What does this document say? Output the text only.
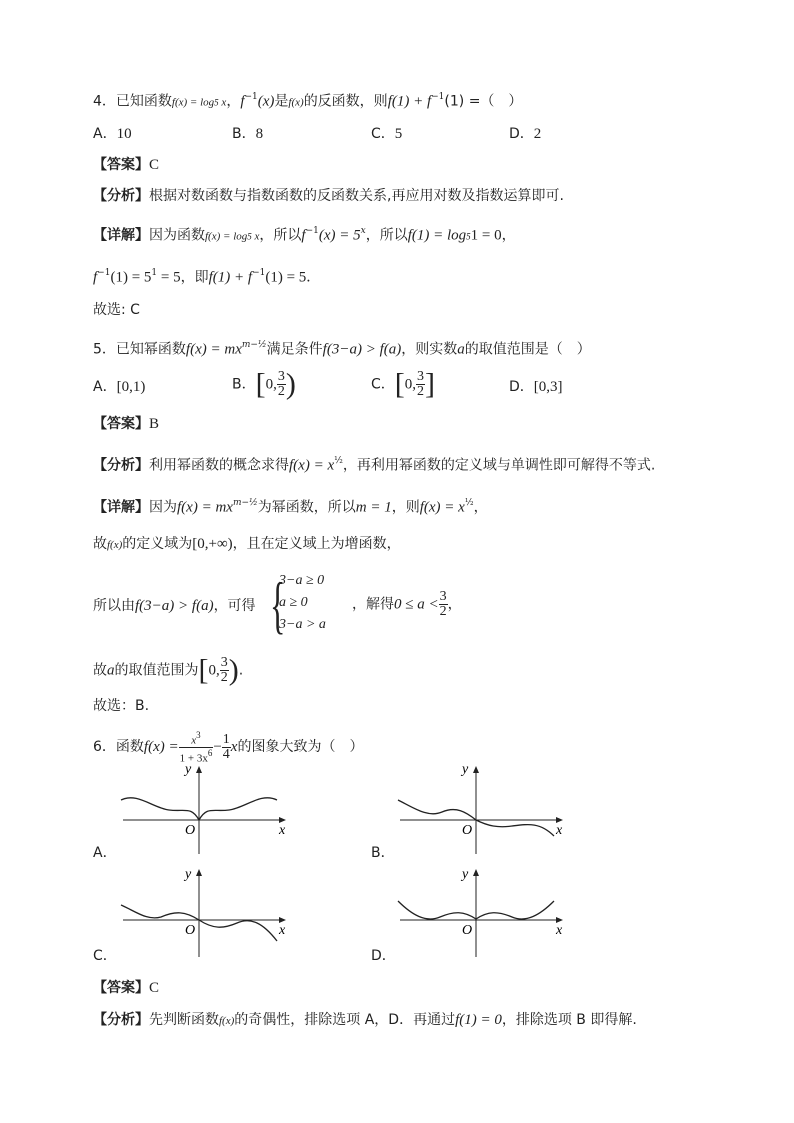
4．已知函数f(x) = log5 x，$f^{-1}(x)$是f(x)的反函数，则$f(1) + f^{-1}(1)$ =（　）
A．10	B．8	C．5	D．2
【答案】C
【分析】根据对数函数与指数函数的反函数关系,再应用对数及指数运算即可.
【详解】因为函数f(x) = log5 x，所以$f^{-1}(x) = 5^x$，所以f(1) = log51 = 0，
$f^{-1}(1) = 5^1 = 5$，即$f(1) + f^{-1}(1) = 5$．
故选: C
5．已知幂函数$f(x) = mx^{m-\frac{1}{2}}$满足条件f(3−a) > f(a)，则实数a的取值范围是（　）
A．[0,1)	B．[0, $\frac{3}{2}$ )	C．[0, $\frac{3}{2}$ ]	D．[0,3]
【答案】B
【分析】利用幂函数的概念求得$f(x) = x^{\frac{1}{2}}$，再利用幂函数的定义域与单调性即可解得不等式.
【详解】因为$f(x) = mx^{m-\frac{1}{2}}$为幂函数，所以m = 1，则$f(x) = x^{\frac{1}{2}}$，
故f(x)的定义域为[0,+∞)，且在定义域上为增函数，
所以由f(3−a) > f(a)，可得 {
3−a ≥ 0
a ≥ 0
3−a > a
，解得$0 \le a < \frac{3}{2}$ ，
故a的取值范围为[0, $\frac{3}{2}$ ).
故选：B.
6．函数$f(x) = \frac{x^3}{1 + 3x^6} - \frac{1}{4}$ x的图象大致为（　）
y
x
O
A．
y
x
O
B．
y
x
O
C．
y
x
O
D．
【答案】C
【分析】先判断函数f(x)的奇偶性，排除选项 A，D．再通过f(1) = 0，排除选项 B 即得解.
